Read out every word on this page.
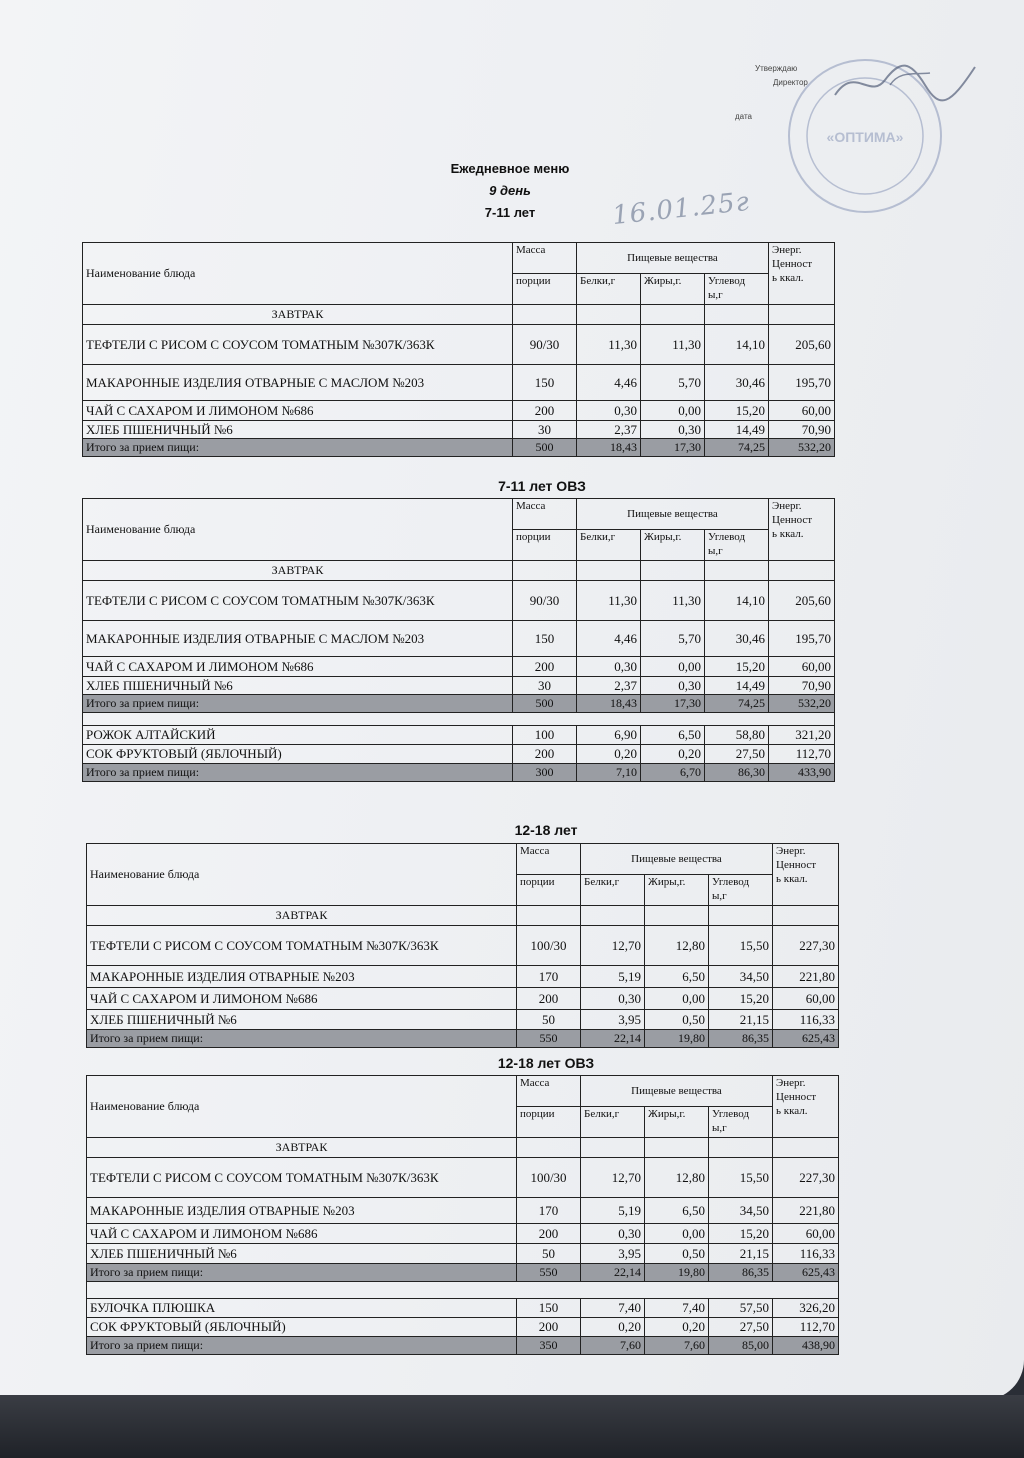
Утверждаю
Директор
дата
«ОПТИМА»
16.01.25г
Ежедневное меню
9 день
7-11 лет
Наименование блюда	Масса	Пищевые вещества			Энерг.
Ценност
ь ккал.

	порции	Белки,г	Жиры,г.	Углевод
ы,г	

ЗАВТРАК					
ТЕФТЕЛИ С РИСОМ С СОУСОМ ТОМАТНЫМ №307К/363К	90/30	11,30	11,30	14,10	205,60
МАКАРОННЫЕ ИЗДЕЛИЯ ОТВАРНЫЕ С МАСЛОМ №203	150	4,46	5,70	30,46	195,70
ЧАЙ С САХАРОМ И ЛИМОНОМ №686	200	0,30	0,00	15,20	60,00
ХЛЕБ ПШЕНИЧНЫЙ №6	30	2,37	0,30	14,49	70,90
Итого за прием пищи:	500	18,43	17,30	74,25	532,20
7-11 лет ОВЗ
Наименование блюда	Масса	Пищевые вещества			Энерг.
Ценност
ь ккал.

	порции	Белки,г	Жиры,г.	Углевод
ы,г	

ЗАВТРАК					
ТЕФТЕЛИ С РИСОМ С СОУСОМ ТОМАТНЫМ №307К/363К	90/30	11,30	11,30	14,10	205,60
МАКАРОННЫЕ ИЗДЕЛИЯ ОТВАРНЫЕ С МАСЛОМ №203	150	4,46	5,70	30,46	195,70
ЧАЙ С САХАРОМ И ЛИМОНОМ №686	200	0,30	0,00	15,20	60,00
ХЛЕБ ПШЕНИЧНЫЙ №6	30	2,37	0,30	14,49	70,90
Итого за прием пищи:	500	18,43	17,30	74,25	532,20

РОЖОК АЛТАЙСКИЙ	100	6,90	6,50	58,80	321,20
СОК ФРУКТОВЫЙ (ЯБЛОЧНЫЙ)	200	0,20	0,20	27,50	112,70
Итого за прием пищи:	300	7,10	6,70	86,30	433,90
12-18 лет
Наименование блюда	Масса	Пищевые вещества			Энерг.
Ценност
ь ккал.

	порции	Белки,г	Жиры,г.	Углевод
ы,г	

ЗАВТРАК					
ТЕФТЕЛИ С РИСОМ С СОУСОМ ТОМАТНЫМ №307К/363К	100/30	12,70	12,80	15,50	227,30
МАКАРОННЫЕ ИЗДЕЛИЯ ОТВАРНЫЕ №203	170	5,19	6,50	34,50	221,80
ЧАЙ С САХАРОМ И ЛИМОНОМ №686	200	0,30	0,00	15,20	60,00
ХЛЕБ ПШЕНИЧНЫЙ №6	50	3,95	0,50	21,15	116,33
Итого за прием пищи:	550	22,14	19,80	86,35	625,43
12-18 лет ОВЗ
Наименование блюда	Масса	Пищевые вещества			Энерг.
Ценност
ь ккал.

	порции	Белки,г	Жиры,г.	Углевод
ы,г	

ЗАВТРАК					
ТЕФТЕЛИ С РИСОМ С СОУСОМ ТОМАТНЫМ №307К/363К	100/30	12,70	12,80	15,50	227,30
МАКАРОННЫЕ ИЗДЕЛИЯ ОТВАРНЫЕ №203	170	5,19	6,50	34,50	221,80
ЧАЙ С САХАРОМ И ЛИМОНОМ №686	200	0,30	0,00	15,20	60,00
ХЛЕБ ПШЕНИЧНЫЙ №6	50	3,95	0,50	21,15	116,33
Итого за прием пищи:	550	22,14	19,80	86,35	625,43

БУЛОЧКА ПЛЮШКА	150	7,40	7,40	57,50	326,20
СОК ФРУКТОВЫЙ (ЯБЛОЧНЫЙ)	200	0,20	0,20	27,50	112,70
Итого за прием пищи:	350	7,60	7,60	85,00	438,90
